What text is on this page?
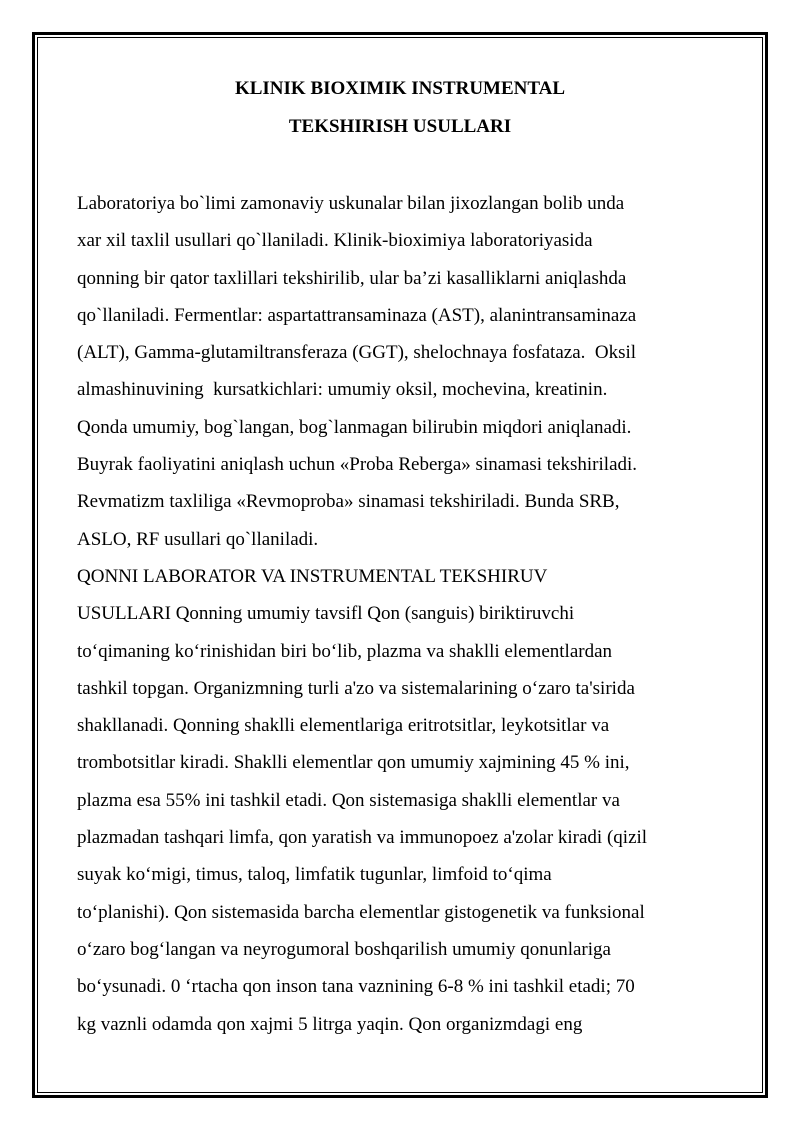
KLINIK BIOXIMIK INSTRUMENTAL
TEKSHIRISH USULLARI
Laboratoriya bo`limi zamonaviy uskunalar bilan jixozlangan bolib unda
xar xil taxlil usullari qo`llaniladi. Klinik-bioximiya laboratoriyasida
qonning bir qator taxlillari tekshirilib, ular ba’zi kasalliklarni aniqlashda
qo`llaniladi. Fermentlar: aspartattransaminaza (AST), alanintransaminaza
(ALT), Gamma-glutamiltransferaza (GGT), shelochnaya fosfataza.  Oksil
almashinuvining  kursatkichlari: umumiy oksil, mochevina, kreatinin.
Qonda umumiy, bog`langan, bog`lanmagan bilirubin miqdori aniqlanadi.
Buyrak faoliyatini aniqlash uchun «Proba Reberga» sinamasi tekshiriladi.
Revmatizm taxliliga «Revmoproba» sinamasi tekshiriladi. Bunda SRB,
ASLO, RF usullari qo`llaniladi.
QONNI LABORATOR VA INSTRUMENTAL TEKSHIRUV
USULLARI Qonning umumiy tavsifl Qon (sanguis) biriktiruvchi
to‘qimaning ko‘rinishidan biri bo‘lib, plazma va shaklli elementlardan
tashkil topgan. Organizmning turli a'zo va sistemalarining o‘zaro ta'sirida
shakllanadi. Qonning shaklli elementlariga eritrotsitlar, leykotsitlar va
trombotsitlar kiradi. Shaklli elementlar qon umumiy xajmining 45 % ini,
plazma esa 55% ini tashkil etadi. Qon sistemasiga shaklli elementlar va
plazmadan tashqari limfa, qon yaratish va immunopoez a'zolar kiradi (qizil
suyak ko‘migi, timus, taloq, limfatik tugunlar, limfoid to‘qima
to‘planishi). Qon sistemasida barcha elementlar gistogenetik va funksional
o‘zaro bog‘langan va neyrogumoral boshqarilish umumiy qonunlariga
bo‘ysunadi. 0 ‘rtacha qon inson tana vaznining 6-8 % ini tashkil etadi; 70
kg vaznli odamda qon xajmi 5 litrga yaqin. Qon organizmdagi eng
